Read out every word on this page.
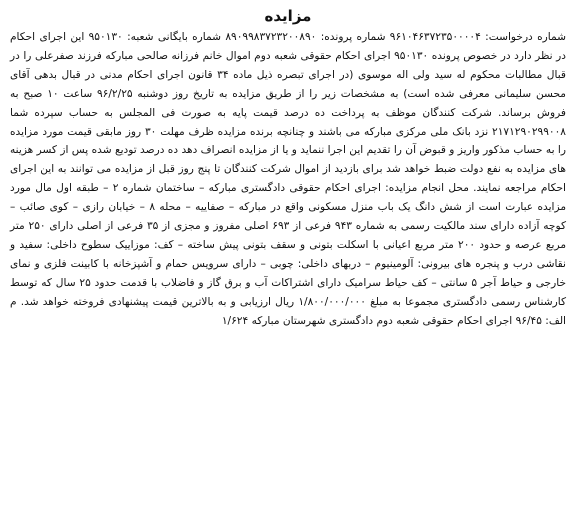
مزایده

شماره درخواست: ۹۶۱۰۴۶۳۷۲۳۵۰۰۰۰۴ شماره پرونده: ۸۹۰۹۹۸۳۷۲۳۲۰۰۸۹۰ شماره بایگانی شعبه: ۹۵۰۱۳۰ این اجرای احکام در نظر دارد در خصوص پرونده ۹۵۰۱۳۰ اجرای احکام حقوقی شعبه دوم اموال خانم فرزانه صالحی مبارکه فرزند صفرعلی را در قبال مطالبات محکوم له سید ولی اله موسوی (در اجرای تبصره ذیل ماده ۳۴ قانون اجرای احکام مدنی در قبال بدهی آقای محسن سلیمانی معرفی شده است) به مشخصات زیر را از طریق مزایده به تاریخ روز دوشنبه ۹۶/۲/۲۵ ساعت ۱۰ صبح به فروش برساند. شرکت کنندگان موظف به پرداخت ده درصد قیمت پایه به صورت فی المجلس به حساب سپرده شما ۲۱۷۱۲۹۰۲۹۹۰۰۸ نزد بانک ملی مرکزی مبارکه می باشند و چنانچه برنده مزایده ظرف مهلت ۳۰ روز مابقی قیمت مورد مزایده را به حساب مذکور واریز و قبوض آن را تقدیم این اجرا ننماید و یا از مزایده انصراف دهد ده درصد تودیع شده پس از کسر هزینه های مزایده به نفع دولت ضبط خواهد شد برای بازدید از اموال شرکت کنندگان تا پنج روز قبل از مزایده می توانند به این اجرای احکام مراجعه نمایند. محل انجام مزایده: اجرای احکام حقوقی دادگستری مبارکه – ساختمان شماره ۲ – طبقه اول مال مورد مزایده عبارت است از شش دانگ یک باب منزل مسکونی واقع در مبارکه – صفاییه – محله ۸ – خیابان رازی – کوی صائب – کوچه آزاده دارای سند مالکیت رسمی به شماره ۹۴۳ فرعی از ۶۹۳ اصلی مفروز و مجزی از ۳۵ فرعی از اصلی دارای ۲۵۰ متر مربع عرصه و حدود ۲۰۰ متر مربع اعیانی با اسکلت بتونی و سقف بتونی پیش ساخته – کف: موزاییک سطوح داخلی: سفید و نقاشی درب و پنجره های بیرونی: آلومینیوم – دربهای داخلی: چوبی – دارای سرویس حمام و آشپزخانه با کابینت فلزی و نمای خارجی و حیاط آجر ۵ سانتی – کف حیاط سرامیک دارای اشتراکات آب و برق گاز و فاضلاب با قدمت حدود ۲۵ سال که توسط کارشناس رسمی دادگستری مجموعا به مبلغ ۱/۸۰۰/۰۰۰/۰۰۰ ریال ارزیابی و به بالاترین قیمت پیشنهادی فروخته خواهد شد. م الف: ۹۶/۴۵ اجرای احکام حقوقی شعبه دوم دادگستری شهرستان مبارکه ۱/۶۲۴
